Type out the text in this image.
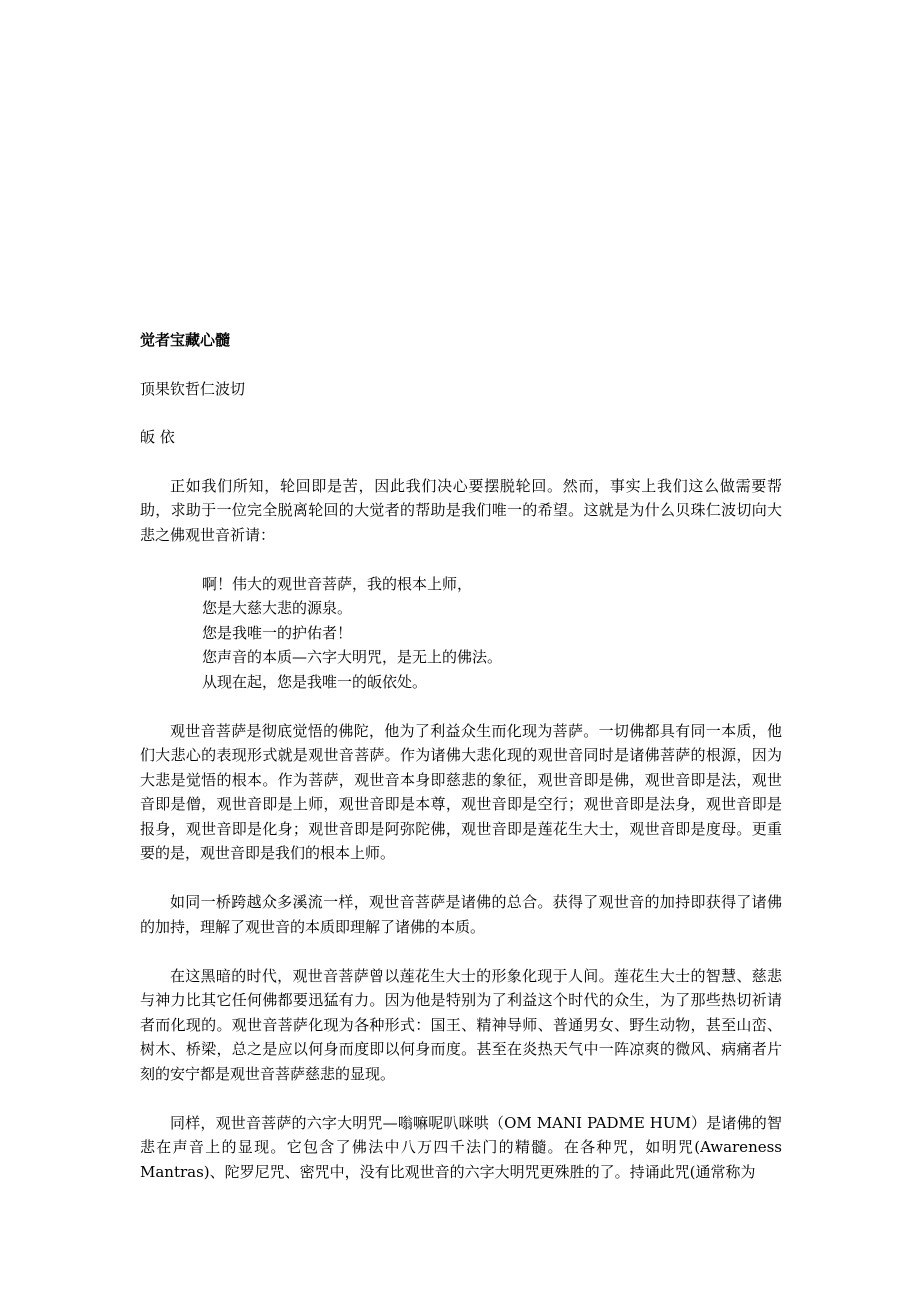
觉者宝藏心髓
顶果钦哲仁波切
皈 依
正如我们所知，轮回即是苦，因此我们决心要摆脱轮回。然而，事实上我们这么做需要帮助，求助于一位完全脱离轮回的大觉者的帮助是我们唯一的希望。这就是为什么贝珠仁波切向大悲之佛观世音祈请：
啊！伟大的观世音菩萨，我的根本上师，
您是大慈大悲的源泉。
您是我唯一的护佑者！
您声音的本质—六字大明咒，是无上的佛法。
从现在起，您是我唯一的皈依处。
观世音菩萨是彻底觉悟的佛陀，他为了利益众生而化现为菩萨。一切佛都具有同一本质，他们大悲心的表现形式就是观世音菩萨。作为诸佛大悲化现的观世音同时是诸佛菩萨的根源，因为大悲是觉悟的根本。作为菩萨，观世音本身即慈悲的象征，观世音即是佛，观世音即是法，观世音即是僧，观世音即是上师，观世音即是本尊，观世音即是空行；观世音即是法身，观世音即是报身，观世音即是化身；观世音即是阿弥陀佛，观世音即是莲花生大士，观世音即是度母。更重要的是，观世音即是我们的根本上师。
如同一桥跨越众多溪流一样，观世音菩萨是诸佛的总合。获得了观世音的加持即获得了诸佛的加持，理解了观世音的本质即理解了诸佛的本质。
在这黑暗的时代，观世音菩萨曾以莲花生大士的形象化现于人间。莲花生大士的智慧、慈悲与神力比其它任何佛都要迅猛有力。因为他是特别为了利益这个时代的众生，为了那些热切祈请者而化现的。观世音菩萨化现为各种形式：国王、精神导师、普通男女、野生动物，甚至山峦、树木、桥梁，总之是应以何身而度即以何身而度。甚至在炎热天气中一阵凉爽的微风、病痛者片刻的安宁都是观世音菩萨慈悲的显现。
同样，观世音菩萨的六字大明咒—嗡嘛呢叭咪哄（OM MANI PADME HUM）是诸佛的智悲在声音上的显现。它包含了佛法中八万四千法门的精髓。在各种咒，如明咒(Awareness Mantras)、陀罗尼咒、密咒中，没有比观世音的六字大明咒更殊胜的了。持诵此咒(通常称为
